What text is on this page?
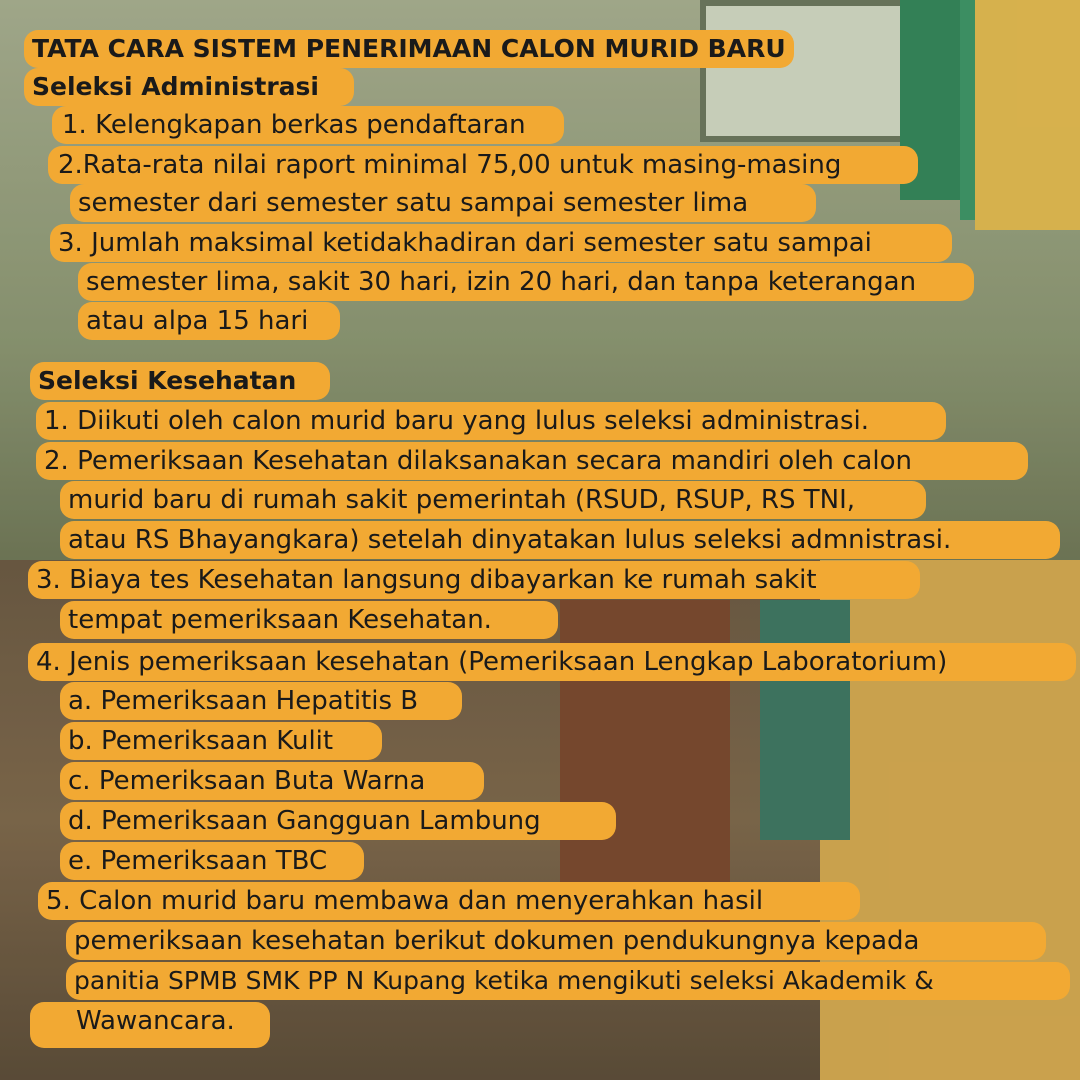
TATA CARA SISTEM PENERIMAAN CALON MURID BARU
Seleksi Administrasi
1. Kelengkapan berkas pendaftaran
2.Rata-rata nilai raport minimal 75,00 untuk masing-masing
semester dari semester satu sampai semester lima
3. Jumlah maksimal ketidakhadiran dari semester satu sampai
semester lima, sakit 30 hari, izin 20 hari, dan tanpa keterangan
atau alpa 15 hari
Seleksi Kesehatan
1. Diikuti oleh calon murid baru yang lulus seleksi administrasi.
2. Pemeriksaan Kesehatan dilaksanakan secara mandiri oleh calon
murid baru di rumah sakit pemerintah (RSUD, RSUP, RS TNI,
atau RS Bhayangkara) setelah dinyatakan lulus seleksi admnistrasi.
3. Biaya tes Kesehatan langsung dibayarkan ke rumah sakit
tempat pemeriksaan Kesehatan.
4. Jenis pemeriksaan kesehatan (Pemeriksaan Lengkap Laboratorium)
a. Pemeriksaan Hepatitis B
b. Pemeriksaan Kulit
c. Pemeriksaan Buta Warna
d. Pemeriksaan Gangguan Lambung
e. Pemeriksaan TBC
5. Calon murid baru membawa dan menyerahkan hasil
pemeriksaan kesehatan berikut dokumen pendukungnya kepada
panitia SPMB SMK PP N Kupang ketika mengikuti seleksi Akademik &
Wawancara.
